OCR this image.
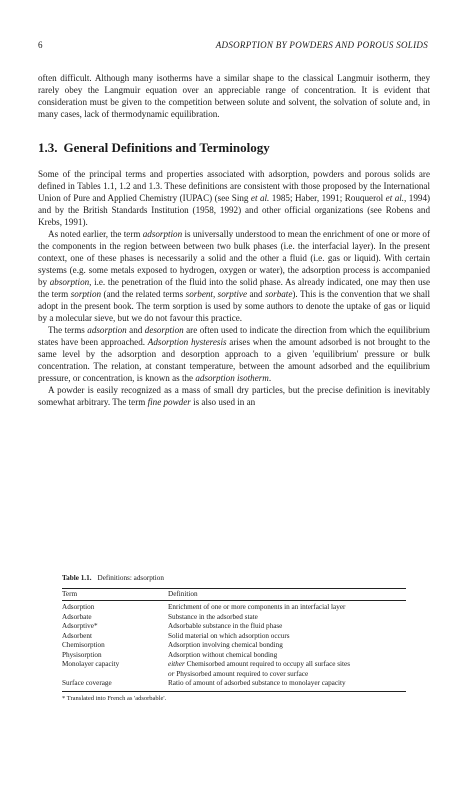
6	ADSORPTION BY POWDERS AND POROUS SOLIDS

often difficult. Although many isotherms have a similar shape to the classical Langmuir isotherm, they rarely obey the Langmuir equation over an appreciable range of concentration. It is evident that consideration must be given to the competition between solute and solvent, the solvation of solute and, in many cases, lack of thermodynamic equilibration.

1.3. General Definitions and Terminology

Some of the principal terms and properties associated with adsorption, powders and porous solids are defined in Tables 1.1, 1.2 and 1.3. These definitions are consistent with those proposed by the International Union of Pure and Applied Chemistry (IUPAC) (see Sing et al. 1985; Haber, 1991; Rouquerol et al., 1994) and by the British Standards Institution (1958, 1992) and other official organizations (see Robens and Krebs, 1991).

As noted earlier, the term adsorption is universally understood to mean the enrichment of one or more of the components in the region between between two bulk phases (i.e. the interfacial layer). In the present context, one of these phases is necessarily a solid and the other a fluid (i.e. gas or liquid). With certain systems (e.g. some metals exposed to hydrogen, oxygen or water), the adsorption process is accompanied by absorption, i.e. the penetration of the fluid into the solid phase. As already indicated, one may then use the term sorption (and the related terms sorbent, sorptive and sorbate). This is the convention that we shall adopt in the present book. The term sorption is used by some authors to denote the uptake of gas or liquid by a molecular sieve, but we do not favour this practice.

The terms adsorption and desorption are often used to indicate the direction from which the equilibrium states have been approached. Adsorption hysteresis arises when the amount adsorbed is not brought to the same level by the adsorption and desorption approach to a given 'equilibrium' pressure or bulk concentration. The relation, at constant temperature, between the amount adsorbed and the equilibrium pressure, or concentration, is known as the adsorption isotherm.

A powder is easily recognized as a mass of small dry particles, but the precise definition is inevitably somewhat arbitrary. The term fine powder is also used in an

Table 1.1. Definitions: adsorption
Term	Definition
Adsorption	Enrichment of one or more components in an interfacial layer
Adsorbate	Substance in the adsorbed state
Adsorptive*	Adsorbable substance in the fluid phase
Adsorbent	Solid material on which adsorption occurs
Chemisorption	Adsorption involving chemical bonding
Physisorption	Adsorption without chemical bonding
Monolayer capacity	either Chemisorbed amount required to occupy all surface sites
or Physisorbed amount required to cover surface

Surface coverage	Ratio of amount of adsorbed substance to monolayer capacity
* Translated into French as 'adsorbable'.
